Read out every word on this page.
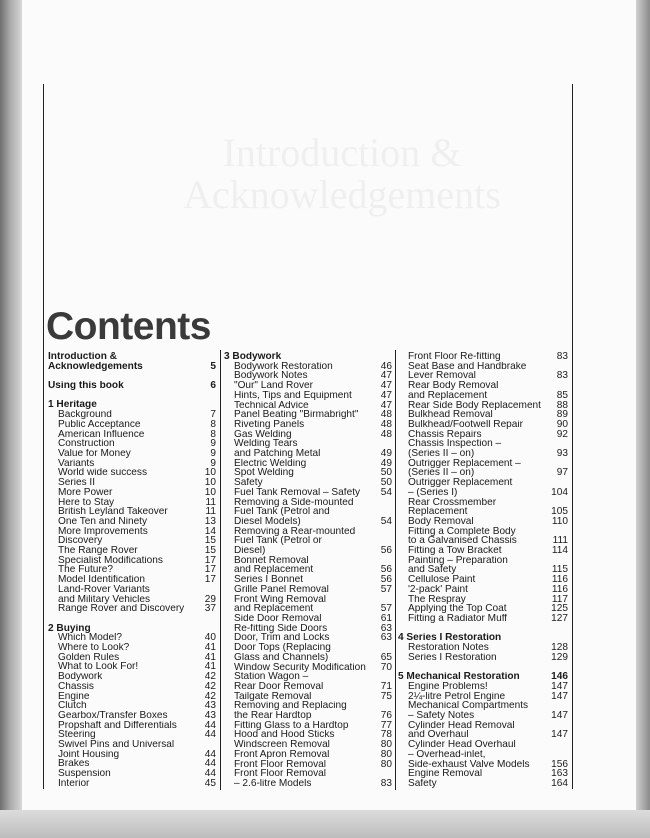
Contents
Introduction &
Acknowledgements	5
Using this book	6
1 Heritage
Background	7
Public Acceptance	8
American Influence	8
Construction	9
Value for Money	9
Variants	9
World wide success	10
Series II	10
More Power	10
Here to Stay	11
British Leyland Takeover	11
One Ten and Ninety	13
More Improvements	14
Discovery	15
The Range Rover	15
Specialist Modifications	17
The Future?	17
Model Identification	17
Land-Rover Variants
and Military Vehicles	29
Range Rover and Discovery	37
2 Buying
Which Model?	40
Where to Look?	41
Golden Rules	41
What to Look For!	41
Bodywork	42
Chassis	42
Engine	42
Clutch	43
Gearbox/Transfer Boxes	43
Propshaft and Differentials	44
Steering	44
Swivel Pins and Universal
Joint Housing	44
Brakes	44
Suspension	44
Interior	45
3 Bodywork
Bodywork Restoration	46
Bodywork Notes	47
"Our" Land Rover	47
Hints, Tips and Equipment	47
Technical Advice	47
Panel Beating "Birmabright"	48
Riveting Panels	48
Gas Welding	48
Welding Tears
and Patching Metal	49
Electric Welding	49
Spot Welding	50
Safety	50
Fuel Tank Removal – Safety	54
Removing a Side-mounted
Fuel Tank (Petrol and
Diesel Models)	54
Removing a Rear-mounted
Fuel Tank (Petrol or
Diesel)	56
Bonnet Removal
and Replacement	56
Series I Bonnet	56
Grille Panel Removal	57
Front Wing Removal
and Replacement	57
Side Door Removal	61
Re-fitting Side Doors	63
Door, Trim and Locks	63
Door Tops (Replacing
Glass and Channels)	65
Window Security Modification	70
Station Wagon –
Rear Door Removal	71
Tailgate Removal	75
Removing and Replacing
the Rear Hardtop	76
Fitting Glass to a Hardtop	77
Hood and Hood Sticks	78
Windscreen Removal	80
Front Apron Removal	80
Front Floor Removal	80
Front Floor Removal
– 2.6-litre Models	83
Front Floor Re-fitting	83
Seat Base and Handbrake
Lever Removal	83
Rear Body Removal
and Replacement	85
Rear Side Body Replacement	88
Bulkhead Removal	89
Bulkhead/Footwell Repair	90
Chassis Repairs	92
Chassis Inspection –
(Series II – on)	93
Outrigger Replacement –
(Series II – on)	97
Outrigger Replacement
– (Series I)	104
Rear Crossmember
Replacement	105
Body Removal	110
Fitting a Complete Body
to a Galvanised Chassis	111
Fitting a Tow Bracket	114
Painting – Preparation
and Safety	115
Cellulose Paint	116
'2-pack' Paint	116
The Respray	117
Applying the Top Coat	125
Fitting a Radiator Muff	127
4 Series I Restoration
Restoration Notes	128
Series I Restoration	129
5 Mechanical Restoration	146
Engine Problems!	147
2¼-litre Petrol Engine	147
Mechanical Compartments
– Safety Notes	147
Cylinder Head Removal
and Overhaul	147
Cylinder Head Overhaul
– Overhead-inlet,
Side-exhaust Valve Models	156
Engine Removal	163
Safety	164
